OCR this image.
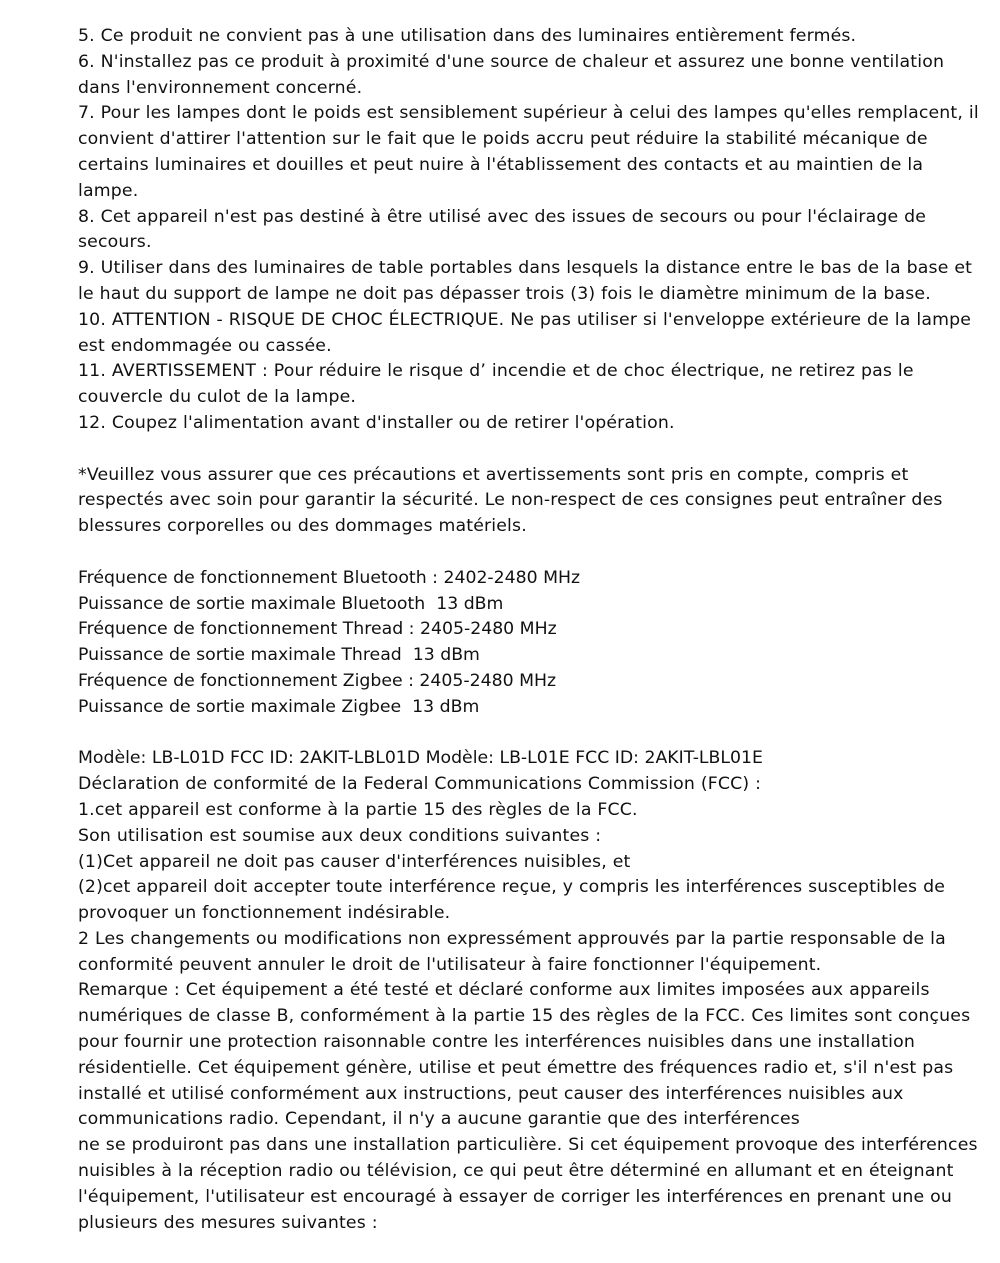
5. Ce produit ne convient pas à une utilisation dans des luminaires entièrement fermés.

6. N'installez pas ce produit à proximité d'une source de chaleur et assurez une bonne ventilation dans l'environnement concerné.

7. Pour les lampes dont le poids est sensiblement supérieur à celui des lampes qu'elles remplacent, il convient d'attirer l'attention sur le fait que le poids accru peut réduire la stabilité mécanique de certains luminaires et douilles et peut nuire à l'établissement des contacts et au maintien de la lampe.

8. Cet appareil n'est pas destiné à être utilisé avec des issues de secours ou pour l'éclairage de secours.

9. Utiliser dans des luminaires de table portables dans lesquels la distance entre le bas de la base et le haut du support de lampe ne doit pas dépasser trois (3) fois le diamètre minimum de la base.

10. ATTENTION - RISQUE DE CHOC ÉLECTRIQUE. Ne pas utiliser si l'enveloppe extérieure de la lampe est endommagée ou cassée.

11. AVERTISSEMENT : Pour réduire le risque d’ incendie et de choc électrique, ne retirez pas le couvercle du culot de la lampe.

12. Coupez l'alimentation avant d'installer ou de retirer l'opération.

*Veuillez vous assurer que ces précautions et avertissements sont pris en compte, compris et respectés avec soin pour garantir la sécurité. Le non-respect de ces consignes peut entraîner des blessures corporelles ou des dommages matériels.

Fréquence de fonctionnement Bluetooth : 2402-2480 MHz
Puissance de sortie maximale Bluetooth  13 dBm
Fréquence de fonctionnement Thread : 2405-2480 MHz
Puissance de sortie maximale Thread  13 dBm
Fréquence de fonctionnement Zigbee : 2405-2480 MHz
Puissance de sortie maximale Zigbee  13 dBm
Modèle: LB-L01D FCC ID: 2AKIT-LBL01D Modèle: LB-L01E FCC ID: 2AKIT-LBL01E

Déclaration de conformité de la Federal Communications Commission (FCC) :

1.cet appareil est conforme à la partie 15 des règles de la FCC.

Son utilisation est soumise aux deux conditions suivantes :

(1)Cet appareil ne doit pas causer d'interférences nuisibles, et

(2)cet appareil doit accepter toute interférence reçue, y compris les interférences susceptibles de provoquer un fonctionnement indésirable.

2 Les changements ou modifications non expressément approuvés par la partie responsable de la conformité peuvent annuler le droit de l'utilisateur à faire fonctionner l'équipement.

Remarque : Cet équipement a été testé et déclaré conforme aux limites imposées aux appareils numériques de classe B, conformément à la partie 15 des règles de la FCC. Ces limites sont conçues pour fournir une protection raisonnable contre les interférences nuisibles dans une installation résidentielle. Cet équipement génère, utilise et peut émettre des fréquences radio et, s'il n'est pas installé et utilisé conformément aux instructions, peut causer des interférences nuisibles aux communications radio. Cependant, il n'y a aucune garantie que des interférences

ne se produiront pas dans une installation particulière. Si cet équipement provoque des interférences nuisibles à la réception radio ou télévision, ce qui peut être déterminé en allumant et en éteignant l'équipement, l'utilisateur est encouragé à essayer de corriger les interférences en prenant une ou plusieurs des mesures suivantes :
